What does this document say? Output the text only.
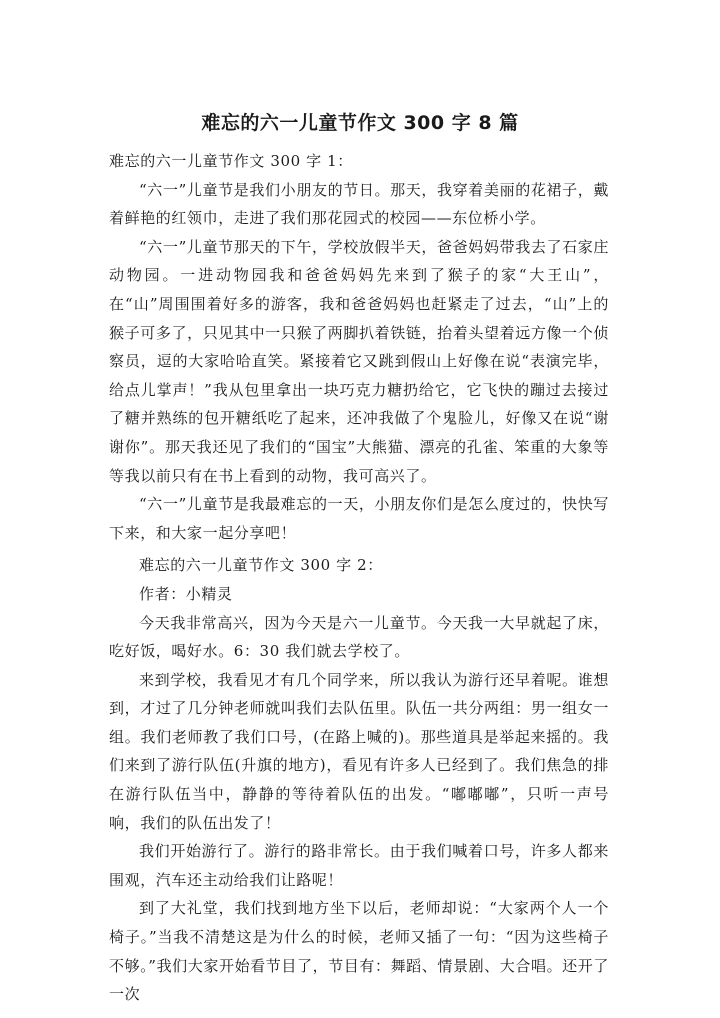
难忘的六一儿童节作文 300 字 8 篇

难忘的六一儿童节作文 300 字 1：

“六一”儿童节是我们小朋友的节日。那天，我穿着美丽的花裙子，戴着鲜艳的红领巾，走进了我们那花园式的校园——东位桥小学。

“六一”儿童节那天的下午，学校放假半天，爸爸妈妈带我去了石家庄动物园。一进动物园我和爸爸妈妈先来到了猴子的家“大王山”，在“山”周围围着好多的游客，我和爸爸妈妈也赶紧走了过去，“山”上的猴子可多了，只见其中一只猴了两脚扒着铁链，抬着头望着远方像一个侦察员，逗的大家哈哈直笑。紧接着它又跳到假山上好像在说“表演完毕，给点儿掌声！”我从包里拿出一块巧克力糖扔给它，它飞快的蹦过去接过了糖并熟练的包开糖纸吃了起来，还冲我做了个鬼脸儿，好像又在说“谢谢你”。那天我还见了我们的“国宝”大熊猫、漂亮的孔雀、笨重的大象等等我以前只有在书上看到的动物，我可高兴了。

“六一”儿童节是我最难忘的一天，小朋友你们是怎么度过的，快快写下来，和大家一起分享吧！

难忘的六一儿童节作文 300 字 2：

作者：小精灵

今天我非常高兴，因为今天是六一儿童节。今天我一大早就起了床，吃好饭，喝好水。6：30 我们就去学校了。

来到学校，我看见才有几个同学来，所以我认为游行还早着呢。谁想到，才过了几分钟老师就叫我们去队伍里。队伍一共分两组：男一组女一组。我们老师教了我们口号，(在路上喊的)。那些道具是举起来摇的。我们来到了游行队伍(升旗的地方)，看见有许多人已经到了。我们焦急的排在游行队伍当中，静静的等待着队伍的出发。“嘟嘟嘟”，只听一声号响，我们的队伍出发了！

我们开始游行了。游行的路非常长。由于我们喊着口号，许多人都来围观，汽车还主动给我们让路呢！

到了大礼堂，我们找到地方坐下以后，老师却说：“大家两个人一个椅子。”当我不清楚这是为什么的时候，老师又插了一句：“因为这些椅子不够。”我们大家开始看节目了，节目有：舞蹈、情景剧、大合唱。还开了一次
